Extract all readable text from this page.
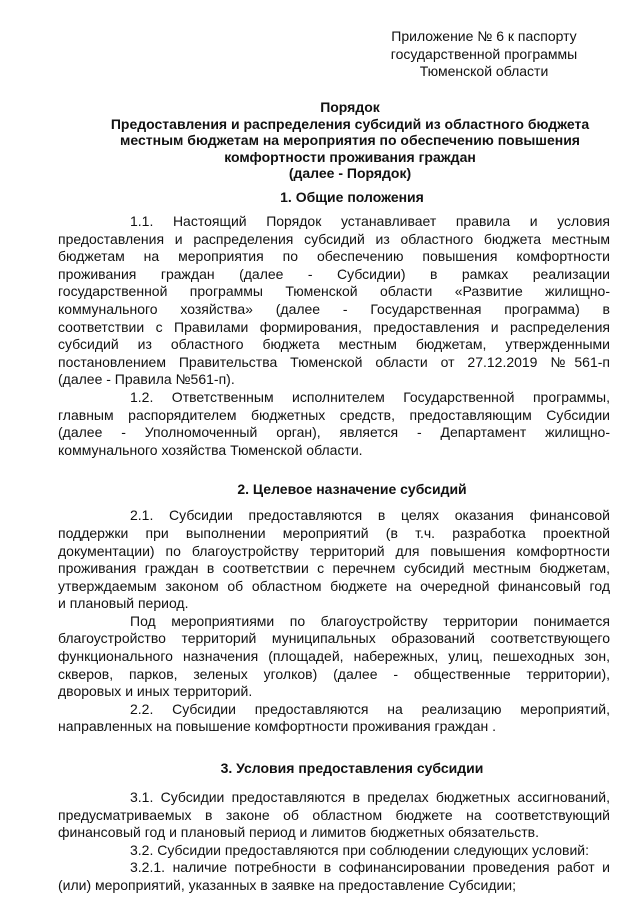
Приложение № 6 к паспорту
государственной программы
Тюменской области
Порядок
Предоставления и распределения субсидий из областного бюджета
местным бюджетам на мероприятия по обеспечению повышения
комфортности проживания граждан
(далее - Порядок)
1. Общие положения
1.1. Настоящий Порядок устанавливает правила и условия
предоставления и распределения субсидий из областного бюджета местным
бюджетам на мероприятия по обеспечению повышения комфортности
проживания граждан (далее - Субсидии) в рамках реализации
государственной программы Тюменской области «Развитие жилищно-
коммунального хозяйства» (далее - Государственная программа) в
соответствии с Правилами формирования, предоставления и распределения
субсидий из областного бюджета местным бюджетам, утвержденными
постановлением Правительства Тюменской области от 27.12.2019 №561-п
(далее - Правила №561-п).
1.2. Ответственным исполнителем Государственной программы,
главным распорядителем бюджетных средств, предоставляющим Субсидии
(далее - Уполномоченный орган), является - Департамент жилищно-
коммунального хозяйства Тюменской области.
2. Целевое назначение субсидий
2.1. Субсидии предоставляются в целях оказания финансовой
поддержки при выполнении мероприятий (в т.ч. разработка проектной
документации) по благоустройству территорий для повышения комфортности
проживания граждан в соответствии с перечнем субсидий местным бюджетам,
утверждаемым законом об областном бюджете на очередной финансовый год
и плановый период.
Под мероприятиями по благоустройству территории понимается
благоустройство территорий муниципальных образований соответствующего
функционального назначения (площадей, набережных, улиц, пешеходных зон,
скверов, парков, зеленых уголков) (далее - общественные территории),
дворовых и иных территорий.
2.2. Субсидии предоставляются на реализацию мероприятий,
направленных на повышение комфортности проживания граждан .
3. Условия предоставления субсидии
3.1. Субсидии предоставляются в пределах бюджетных ассигнований,
предусматриваемых в законе об областном бюджете на соответствующий
финансовый год и плановый период и лимитов бюджетных обязательств.
3.2. Субсидии предоставляются при соблюдении следующих условий:
3.2.1. наличие потребности в софинансировании проведения работ и
(или) мероприятий, указанных в заявке на предоставление Субсидии;
